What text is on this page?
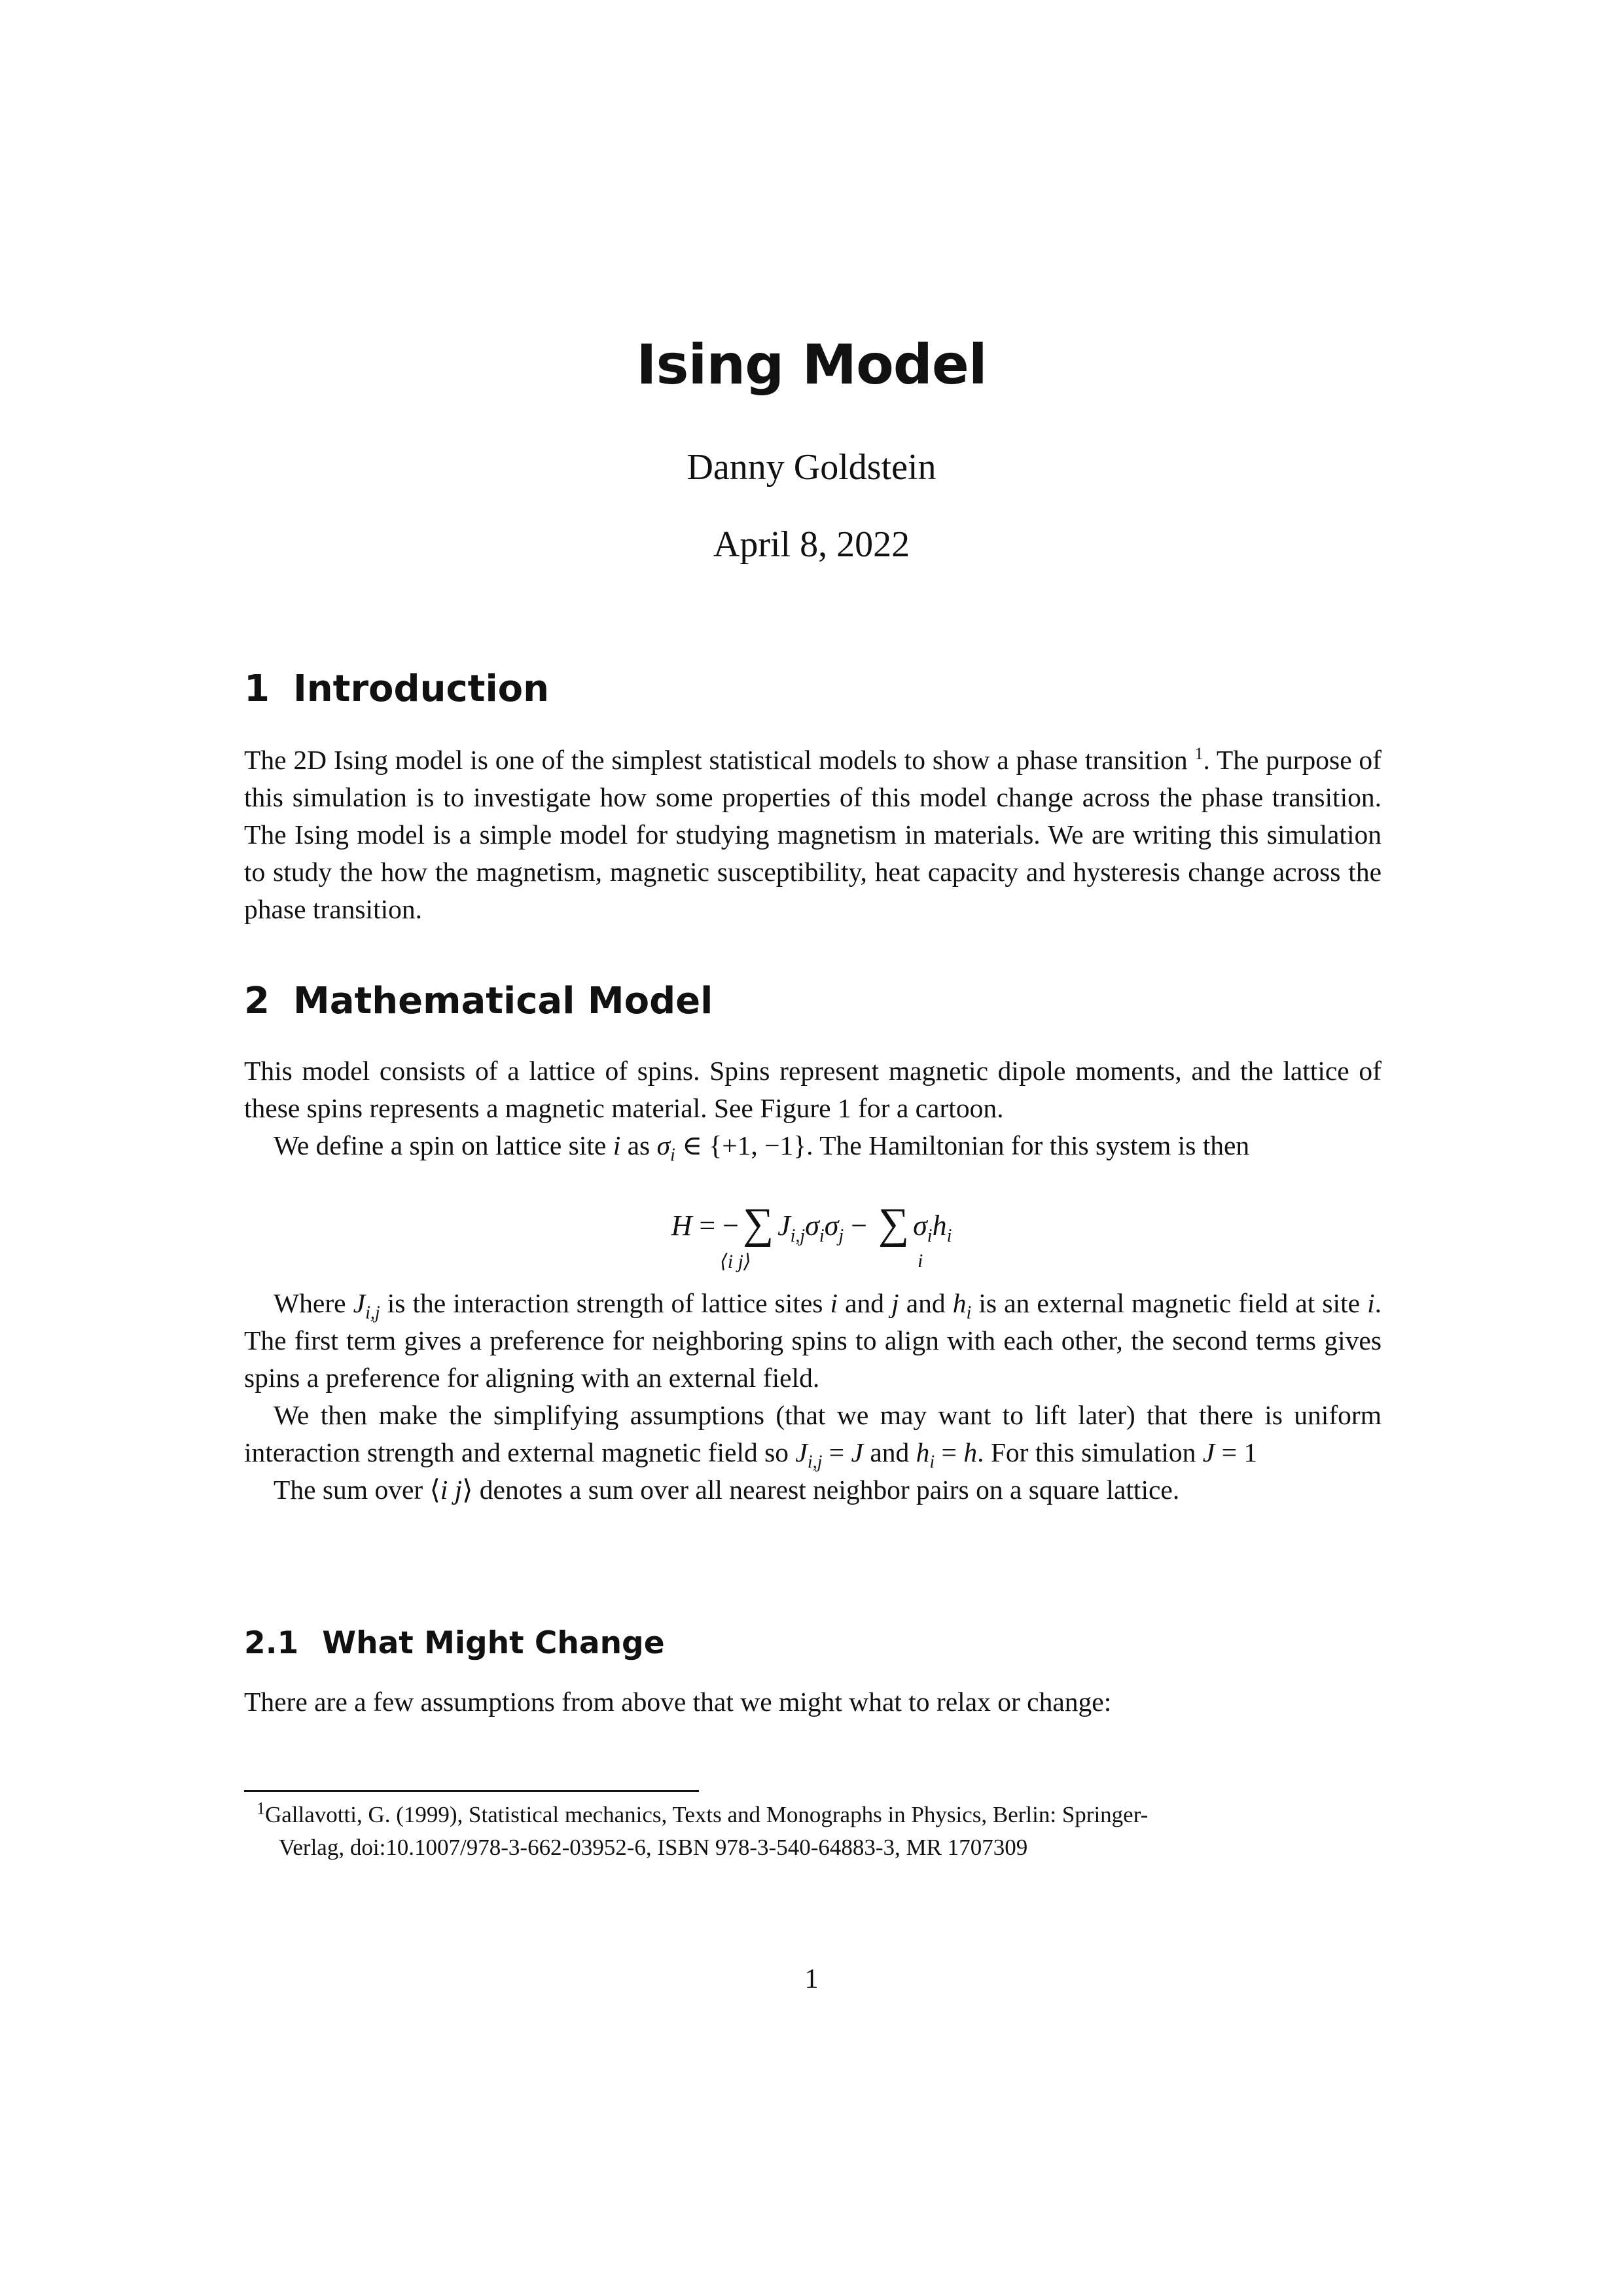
Ising Model
Danny Goldstein
April 8, 2022
1 Introduction

The 2D Ising model is one of the simplest statistical models to show a phase transition $^1$. The purpose of this simulation is to investigate how some properties of this model change across the phase transition. The Ising model is a simple model for studying magnetism in materials. We are writing this simulation to study the how the magnetism, magnetic susceptibility, heat capacity and hysteresis change across the phase transition.

2 Mathematical Model

This model consists of a lattice of spins. Spins represent magnetic dipole moments, and the lattice of these spins represents a magnetic material. See Figure 1 for a cartoon.

We define a spin on lattice site i as $\sigma_i$ ∈ {+1, −1}. The Hamiltonian for this system is then

H = −∑ $J_{i,j}\sigma_i\sigma_j$ − ∑ $\sigma_ih_i$
⟨i j⟩	i

Where $J_{i,j}$ is the interaction strength of lattice sites i and j and $h_i$ is an external magnetic field at site i. The first term gives a preference for neighboring spins to align with each other, the second terms gives spins a preference for aligning with an external field.

We then make the simplifying assumptions (that we may want to lift later) that there is uniform interaction strength and external magnetic field so $J_{i,j} = J$ and $h_i = h$. For this simulation J = 1

The sum over ⟨i j⟩ denotes a sum over all nearest neighbor pairs on a square lattice.

2.1 What Might Change

There are a few assumptions from above that we might what to relax or change:

$^1$Gallavotti, G. (1999), Statistical mechanics, Texts and Monographs in Physics, Berlin: Springer-
Verlag, doi:10.1007/978-3-662-03952-6, ISBN 978-3-540-64883-3, MR 1707309
1
